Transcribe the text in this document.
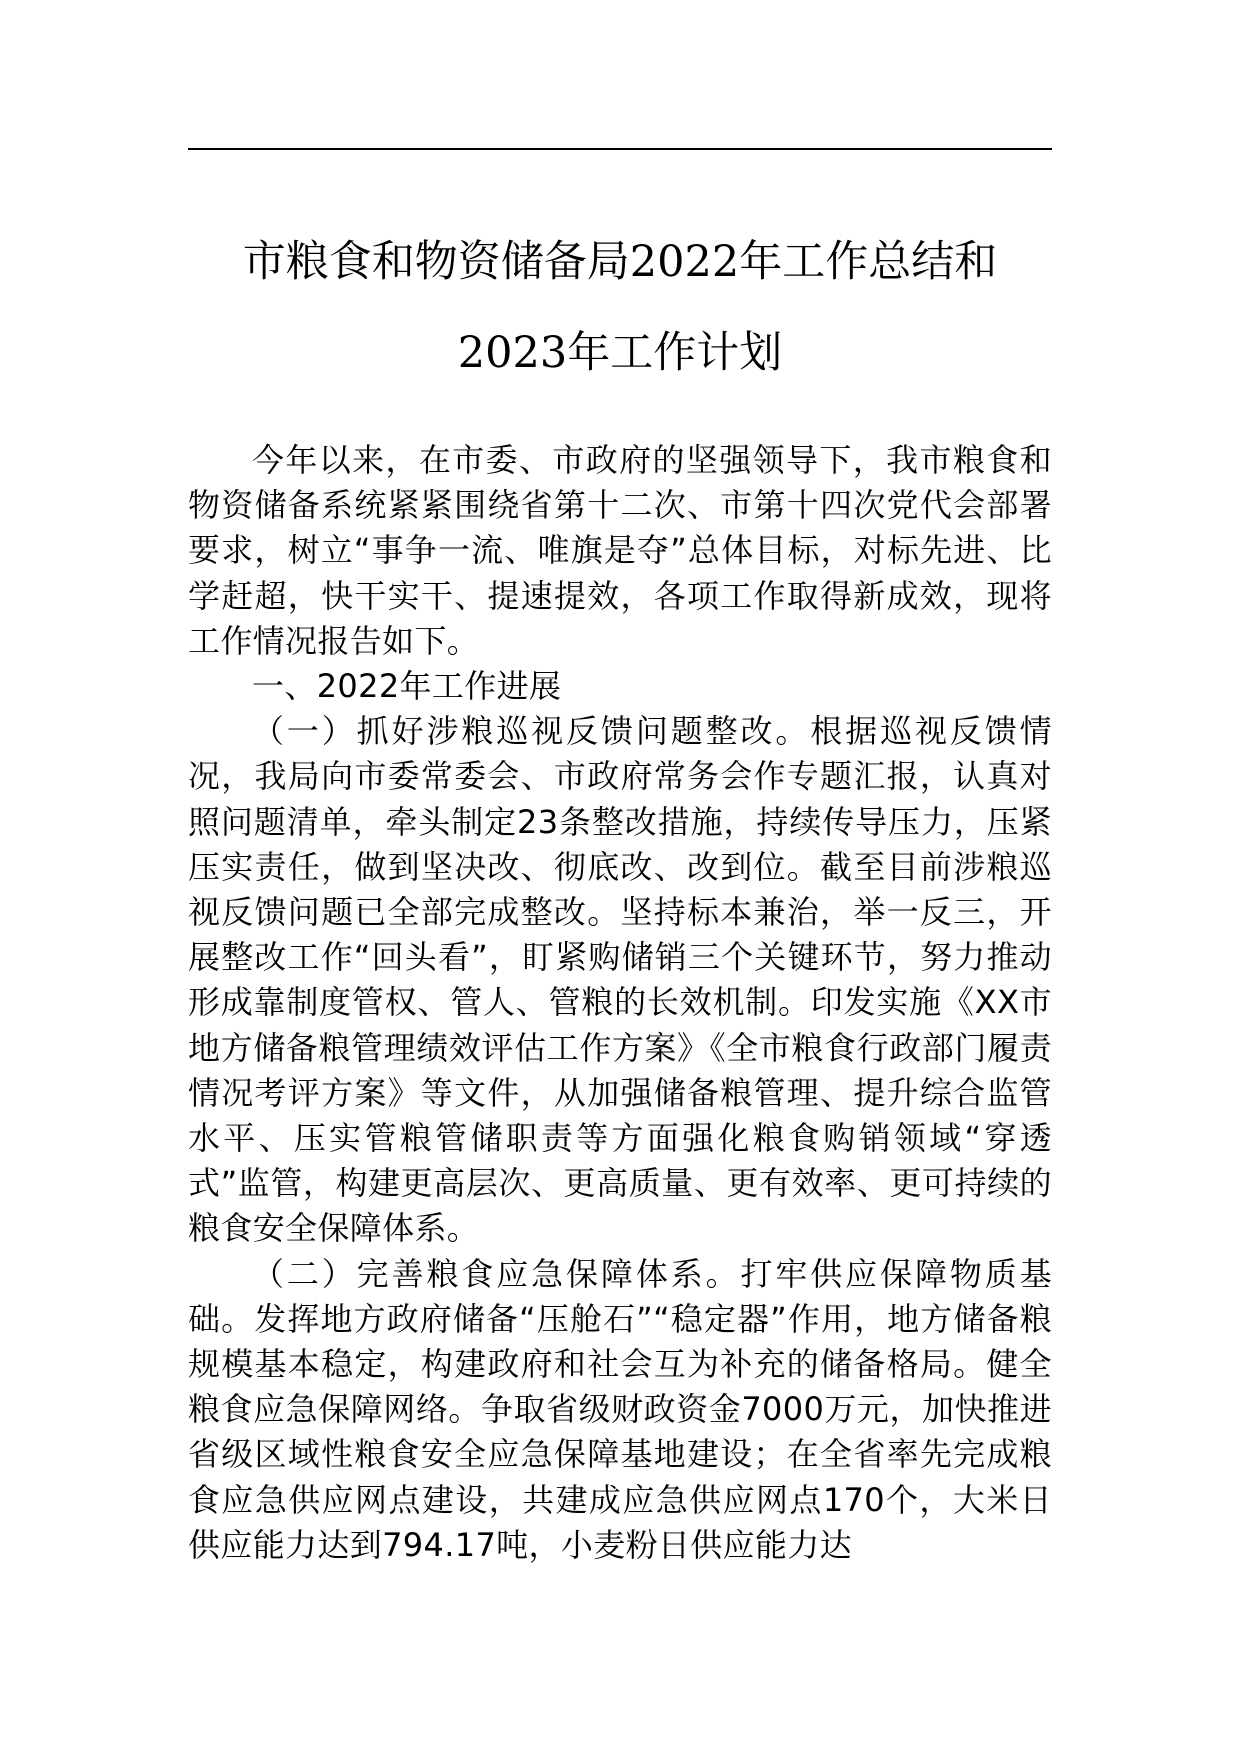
市粮食和物资储备局2022年工作总结和
2023年工作计划

今年以来，在市委、市政府的坚强领导下，我市粮食和物资储备系统紧紧围绕省第十二次、市第十四次党代会部署要求，树立“事争一流、唯旗是夺”总体目标，对标先进、比学赶超，快干实干、提速提效，各项工作取得新成效，现将工作情况报告如下。

一、2022年工作进展

（一）抓好涉粮巡视反馈问题整改。根据巡视反馈情况，我局向市委常委会、市政府常务会作专题汇报，认真对照问题清单，牵头制定23条整改措施，持续传导压力，压紧压实责任，做到坚决改、彻底改、改到位。截至目前涉粮巡视反馈问题已全部完成整改。坚持标本兼治，举一反三，开展整改工作“回头看”，盯紧购储销三个关键环节，努力推动形成靠制度管权、管人、管粮的长效机制。印发实施《XX市地方储备粮管理绩效评估工作方案》《全市粮食行政部门履责情况考评方案》等文件，从加强储备粮管理、提升综合监管水平、压实管粮管储职责等方面强化粮食购销领域“穿透式”监管，构建更高层次、更高质量、更有效率、更可持续的粮食安全保障体系。

（二）完善粮食应急保障体系。打牢供应保障物质基础。发挥地方政府储备“压舱石”“稳定器”作用，地方储备粮规模基本稳定，构建政府和社会互为补充的储备格局。健全粮食应急保障网络。争取省级财政资金7000万元，加快推进省级区域性粮食安全应急保障基地建设；在全省率先完成粮食应急供应网点建设，共建成应急供应网点170个，大米日供应能力达到794.17吨，小麦粉日供应能力达
